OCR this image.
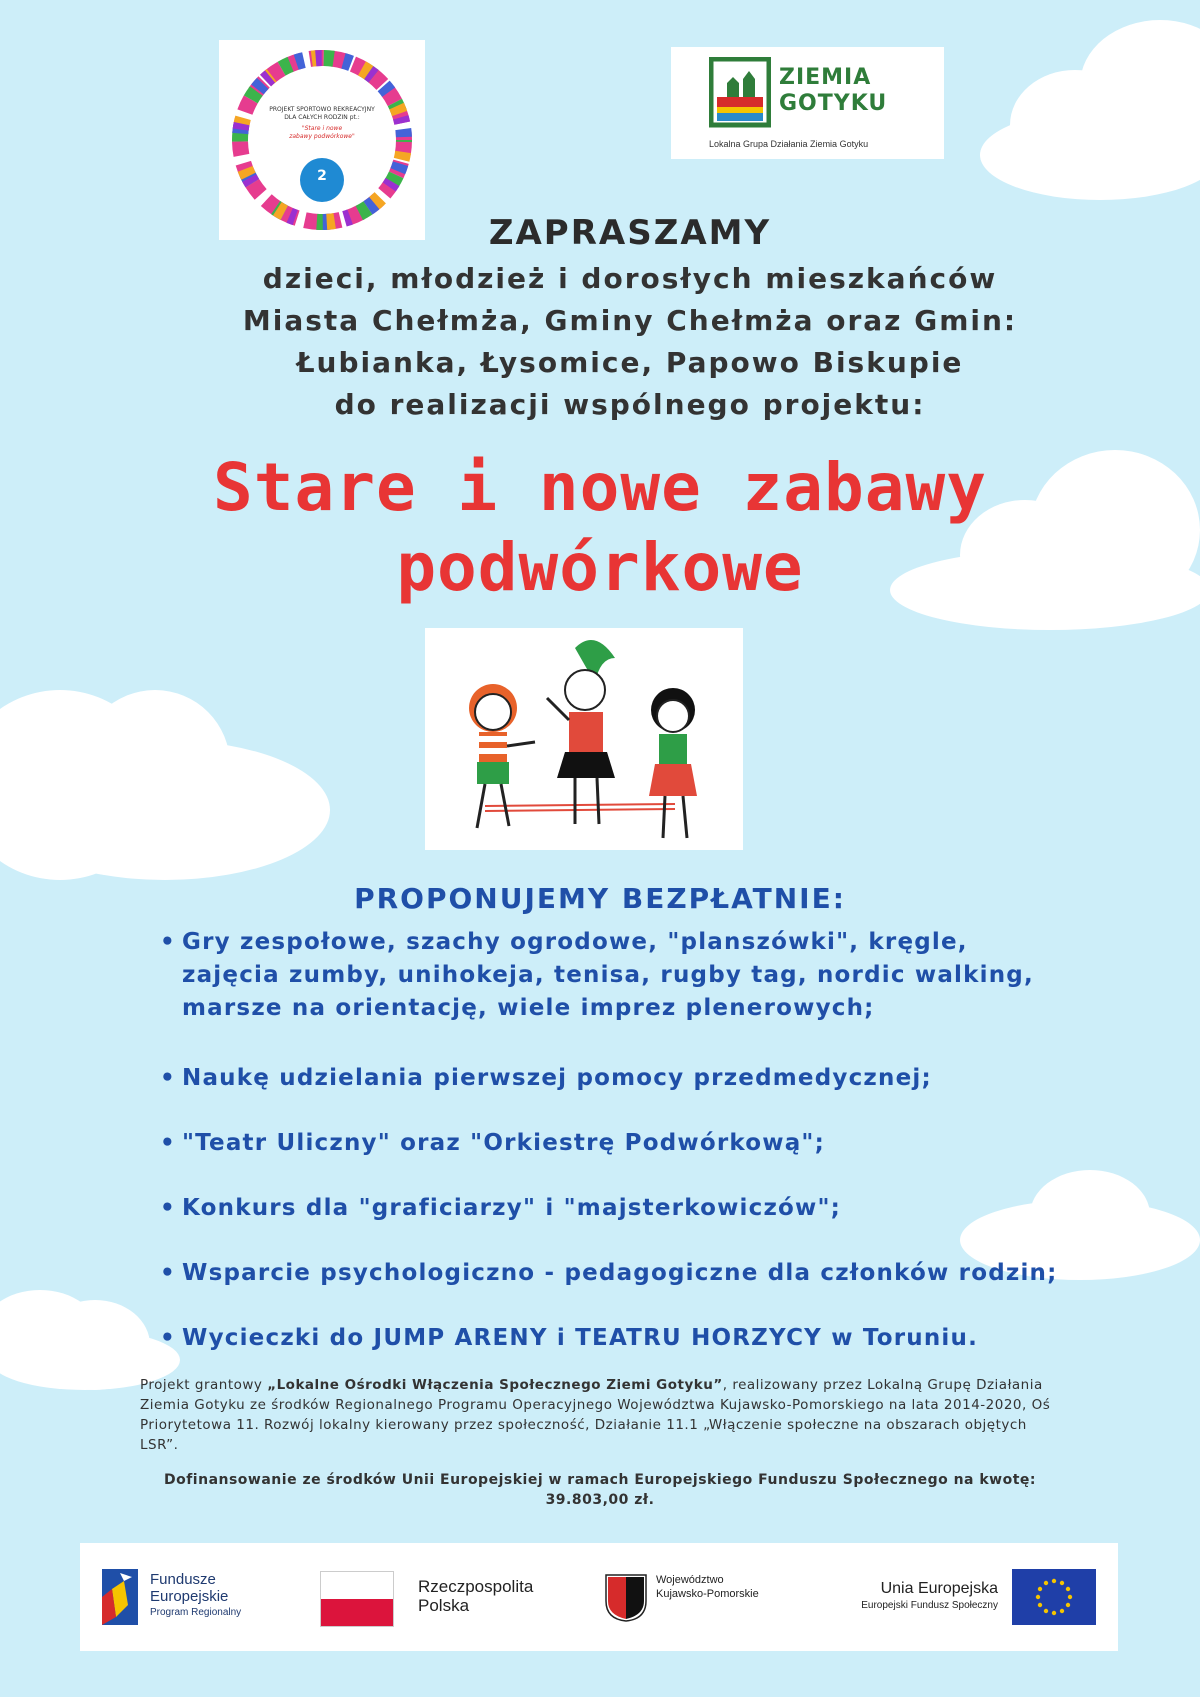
PROJEKT SPORTOWO REKREACYJNY
DLA CAŁYCH RODZIN pt.:
"Stare i nowe
zabawy podwórkowe"
2
ZIEMIA
GOTYKU
Lokalna Grupa Działania Ziemia Gotyku
ZAPRASZAMY
dzieci, młodzież i dorosłych mieszkańców
Miasta Chełmża, Gminy Chełmża oraz Gmin:
Łubianka, Łysomice, Papowo Biskupie
do realizacji wspólnego projektu:
Stare i nowe zabawy
podwórkowe
PROPONUJEMY BEZPŁATNIE:
• Gry zespołowe, szachy ogrodowe, "planszówki", kręgle,
zajęcia zumby, unihokeja, tenisa, rugby tag, nordic walking,
marsze na orientację, wiele imprez plenerowych;
• Naukę udzielania pierwszej pomocy przedmedycznej;
• "Teatr Uliczny" oraz "Orkiestrę Podwórkową";
• Konkurs dla "graficiarzy" i "majsterkowiczów";
• Wsparcie psychologiczno - pedagogiczne dla członków rodzin;
• Wycieczki do JUMP ARENY i TEATRU HORZYCY w Toruniu.
Projekt grantowy „Lokalne Ośrodki Włączenia Społecznego Ziemi Gotyku”, realizowany przez Lokalną Grupę Działania Ziemia Gotyku ze środków Regionalnego Programu Operacyjnego Województwa Kujawsko-Pomorskiego na lata 2014-2020, Oś Priorytetowa 11. Rozwój lokalny kierowany przez społeczność, Działanie 11.1 „Włączenie społeczne na obszarach objętych LSR”.
Dofinansowanie ze środków Unii Europejskiej w ramach Europejskiego Funduszu Społecznego na kwotę:
39.803,00 zł.
Fundusze
Europejskie
Program Regionalny
Rzeczpospolita
Polska
Województwo
Kujawsko-Pomorskie	Unia Europejska
Europejski Fundusz Społeczny
